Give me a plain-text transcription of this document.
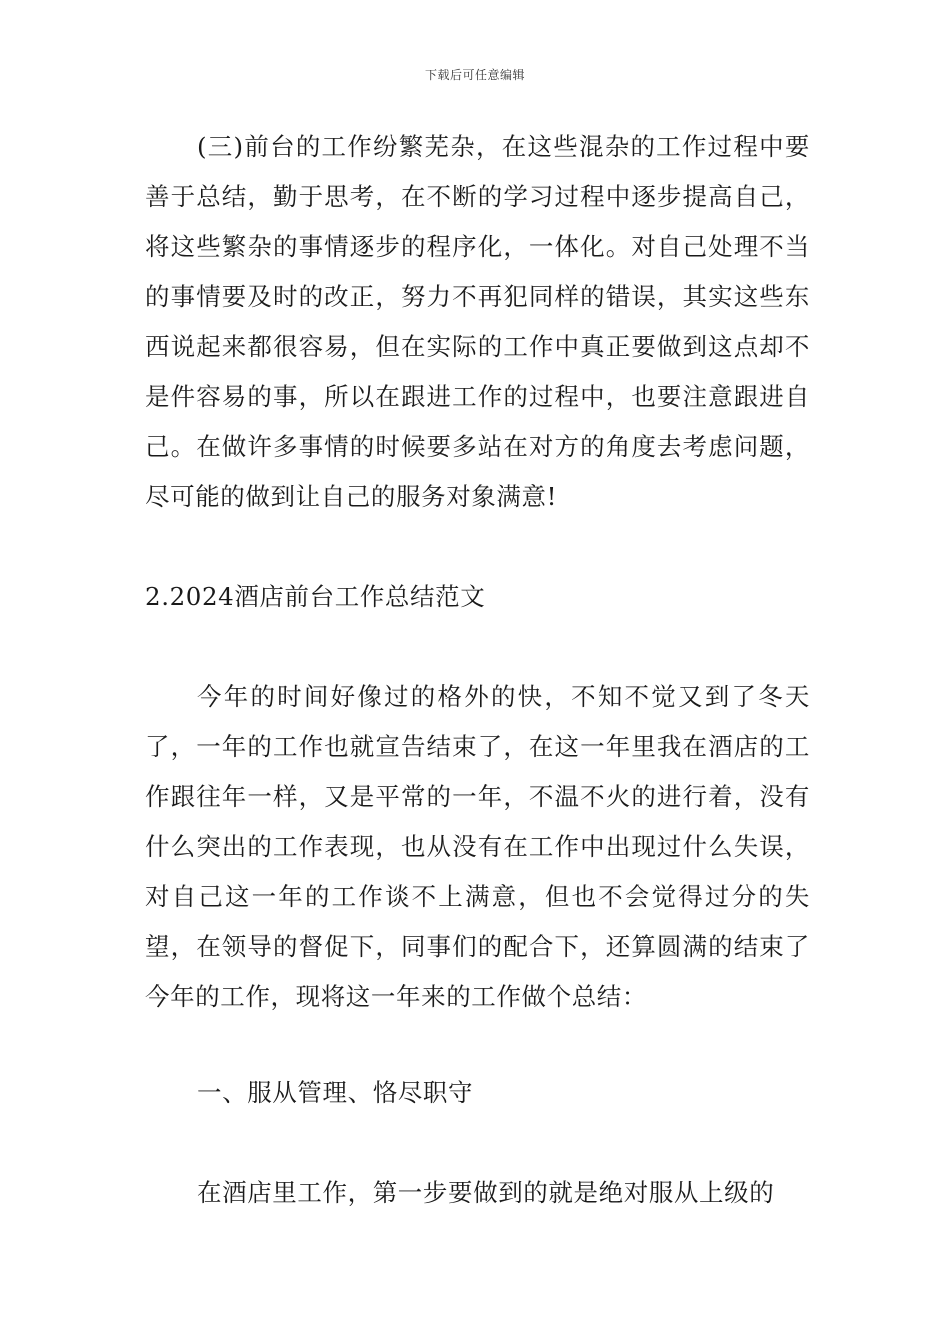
下载后可任意编辑
(三)前台的工作纷繁芜杂，在这些混杂的工作过程中要善于总结，勤于思考，在不断的学习过程中逐步提高自己，将这些繁杂的事情逐步的程序化，一体化。对自己处理不当的事情要及时的改正，努力不再犯同样的错误，其实这些东西说起来都很容易，但在实际的工作中真正要做到这点却不是件容易的事，所以在跟进工作的过程中，也要注意跟进自己。在做许多事情的时候要多站在对方的角度去考虑问题，尽可能的做到让自己的服务对象满意!
2.2024酒店前台工作总结范文
今年的时间好像过的格外的快，不知不觉又到了冬天了，一年的工作也就宣告结束了，在这一年里我在酒店的工作跟往年一样，又是平常的一年，不温不火的进行着，没有什么突出的工作表现，也从没有在工作中出现过什么失误，对自己这一年的工作谈不上满意，但也不会觉得过分的失望，在领导的督促下，同事们的配合下，还算圆满的结束了今年的工作，现将这一年来的工作做个总结：
一、服从管理、恪尽职守
在酒店里工作，第一步要做到的就是绝对服从上级的
